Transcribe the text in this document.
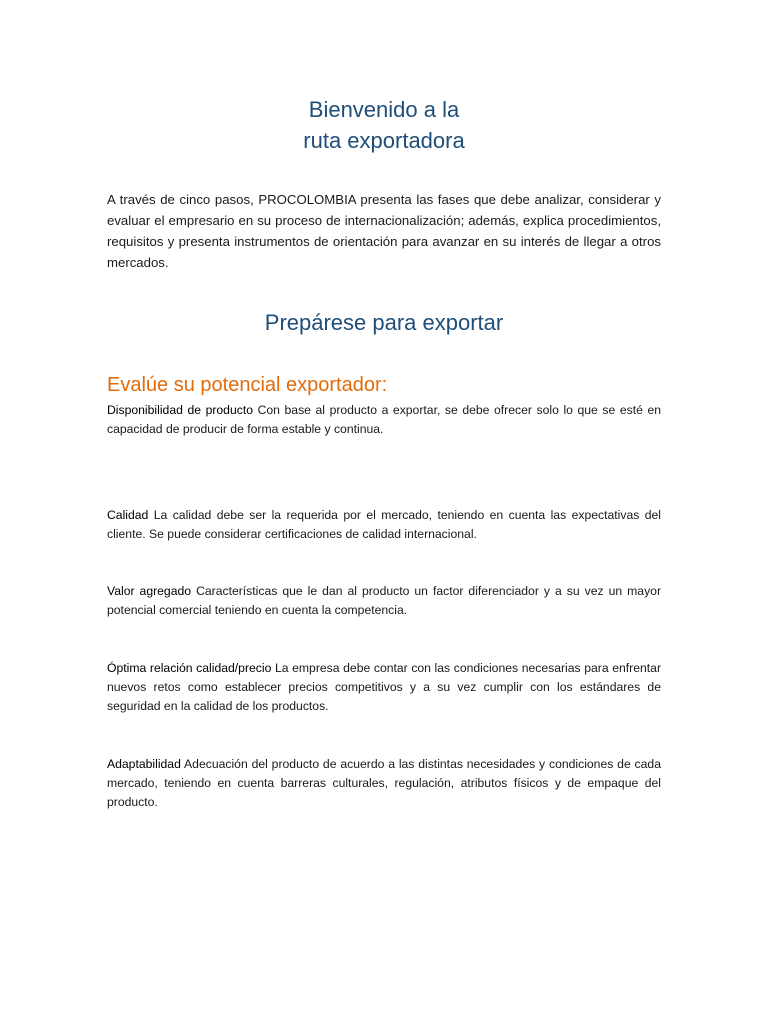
Bienvenido a la
ruta exportadora

A través de cinco pasos, PROCOLOMBIA presenta las fases que debe analizar, considerar y evaluar el empresario en su proceso de internacionalización; además, explica procedimientos, requisitos y presenta instrumentos de orientación para avanzar en su interés de llegar a otros mercados.

Prepárese para exportar
Evalúe su potencial exportador:

Disponibilidad de producto Con base al producto a exportar, se debe ofrecer solo lo que se esté en capacidad de producir de forma estable y continua.

Calidad La calidad debe ser la requerida por el mercado, teniendo en cuenta las expectativas del cliente. Se puede considerar certificaciones de calidad internacional.

Valor agregado Características que le dan al producto un factor diferenciador y a su vez un mayor potencial comercial teniendo en cuenta la competencia.

Óptima relación calidad/precio La empresa debe contar con las condiciones necesarias para enfrentar nuevos retos como establecer precios competitivos y a su vez cumplir con los estándares de seguridad en la calidad de los productos.

Adaptabilidad Adecuación del producto de acuerdo a las distintas necesidades y condiciones de cada mercado, teniendo en cuenta barreras culturales, regulación, atributos físicos y de empaque del producto.
